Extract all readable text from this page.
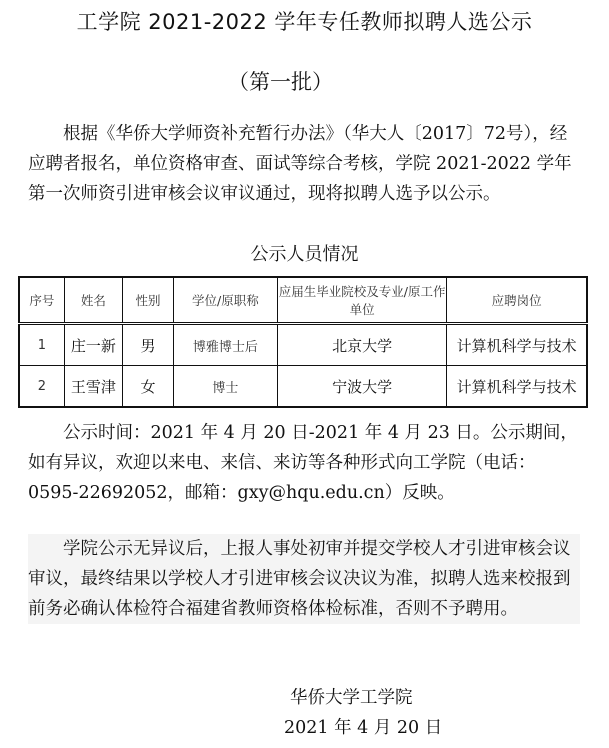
工学院 2021-2022 学年专任教师拟聘人选公示
（第一批）

根据《华侨大学师资补充暂行办法》（华大人〔2017〕72号），经应聘者报名，单位资格审查、面试等综合考核，学院 2021-2022 学年第一次师资引进审核会议审议通过，现将拟聘人选予以公示。

公示人员情况
序号	姓名	性别	学位/原职称	应届生毕业院校及专业/原工作单位	应聘岗位
1	庄一新	男	博雅博士后	北京大学	计算机科学与技术
2	王雪津	女	博士	宁波大学	计算机科学与技术

公示时间：2021 年 4 月 20 日-2021 年 4 月 23 日。公示期间，如有异议，欢迎以来电、来信、来访等各种形式向工学院（电话：0595-22692052，邮箱：gxy@hqu.edu.cn）反映。

学院公示无异议后，上报人事处初审并提交学校人才引进审核会议审议，最终结果以学校人才引进审核会议决议为准，拟聘人选来校报到前务必确认体检符合福建省教师资格体检标准，否则不予聘用。

华侨大学工学院
2021 年 4 月 20 日
